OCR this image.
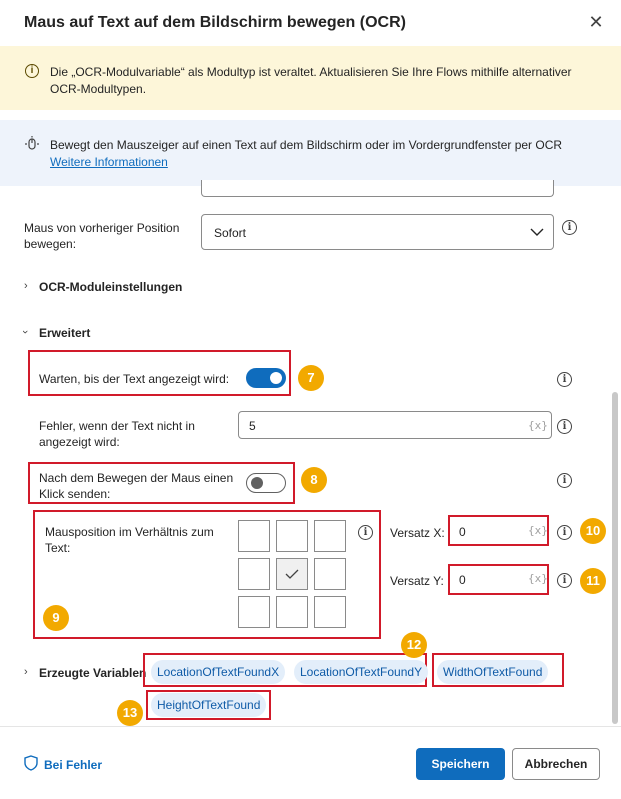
Maus auf Text auf dem Bildschirm bewegen (OCR)	✕
i	Die „OCR-Modulvariable“ als Modultyp ist veraltet. Aktualisieren Sie Ihre Flows mithilfe alternativer OCR-Modultypen.
Bewegt den Mauszeiger auf einen Text auf dem Bildschirm oder im Vordergrundfenster per OCR
Weitere Informationen
Maus von vorheriger Position bewegen:
Sofort	i
› OCR-Moduleinstellungen
› Erweitert
Warten, bis der Text angezeigt wird:	7	i
Fehler, wenn der Text nicht in angezeigt wird:
5	{x}	i
Nach dem Bewegen der Maus einen Klick senden:
8	i
Mausposition im Verhältnis zum Text:
9
i	Versatz X: 0	{x}	i	10
Versatz Y: 0	{x}	i	11
› Erzeugte Variablen LocationOfTextFoundX	LocationOfTextFoundY
12
WidthOfTextFound
HeightOfTextFound
13
Bei Fehler	Speichern	Abbrechen
